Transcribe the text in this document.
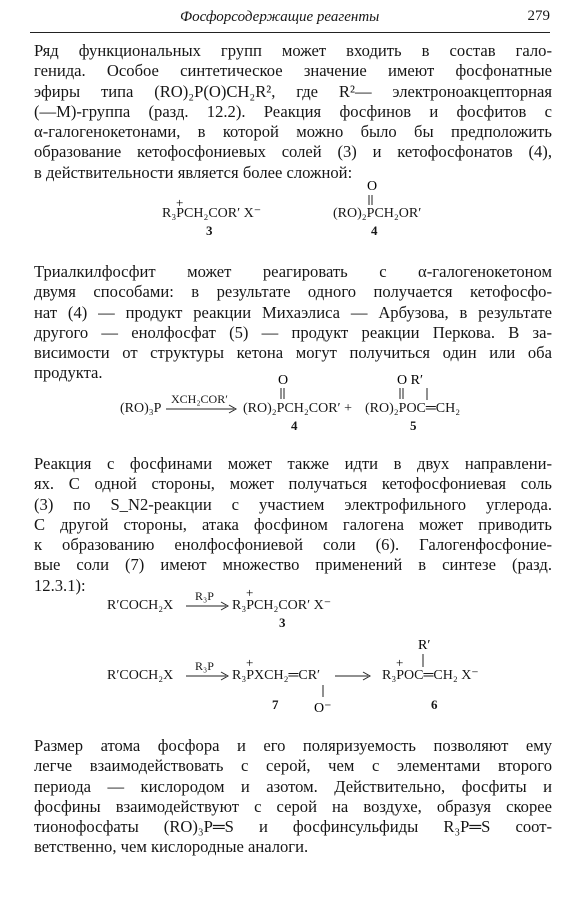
Фосфорсодержащие реагенты	279
Ряд функциональных групп может входить в состав гало-
генида. Особое синтетическое значение имеют фосфонатные
эфиры типа (RO)₂P(O)CH₂R², где R²— электроноакцепторная
(—M)-группа (разд. 12.2). Реакция фосфинов и фосфитов с
α-галогенокетонами, в которой можно было бы предположить
образование кетофосфониевых солей (3) и кетофосфонатов (4),
в действительности является более сложной:
+
O
R₃PCH₂COR′ X⁻
3
(RO)₂PCH₂OR′
4
Триалкилфосфит может реагировать с α-галогенокетоном
двумя способами: в результате одного получается кетофосфо-
нат (4) — продукт реакции Михаэлиса — Арбузова, в результате
другого — енолфосфат (5) — продукт реакции Перкова. В за-
висимости от структуры кетона могут получиться один или оба
продукта.	O	O R′
(RO)₃P
XCH₂COR′
(RO)₂PCH₂COR′ + (RO)₂POC═CH₂
4	5
Реакция с фосфинами может также идти в двух направлени-
ях. С одной стороны, может получаться кетофосфониевая соль
(3) по S_N2-реакции с участием электрофильного углерода.
С другой стороны, атака фосфином галогена может приводить
к образованию енолфосфониевой соли (6). Галогенфосфоние-
вые соли (7) имеют множество применений в синтезе (разд.
12.3.1):	+
+
O⁻
R′
+
R′COCH₂X
R₃P
R₃PCH₂COR′ X⁻
3
R′COCH₂X
R₃P
R₃PXCH₂═CR′	R₃POC═CH₂ X⁻
7	6
Размер атома фосфора и его поляризуемость позволяют ему
легче взаимодействовать с серой, чем с элементами второго
периода — кислородом и азотом. Действительно, фосфиты и
фосфины взаимодействуют с серой на воздухе, образуя скорее
тионофосфаты (RO)₃P═S и фосфинсульфиды R₃P═S соот-
ветственно, чем кислородные аналоги.
